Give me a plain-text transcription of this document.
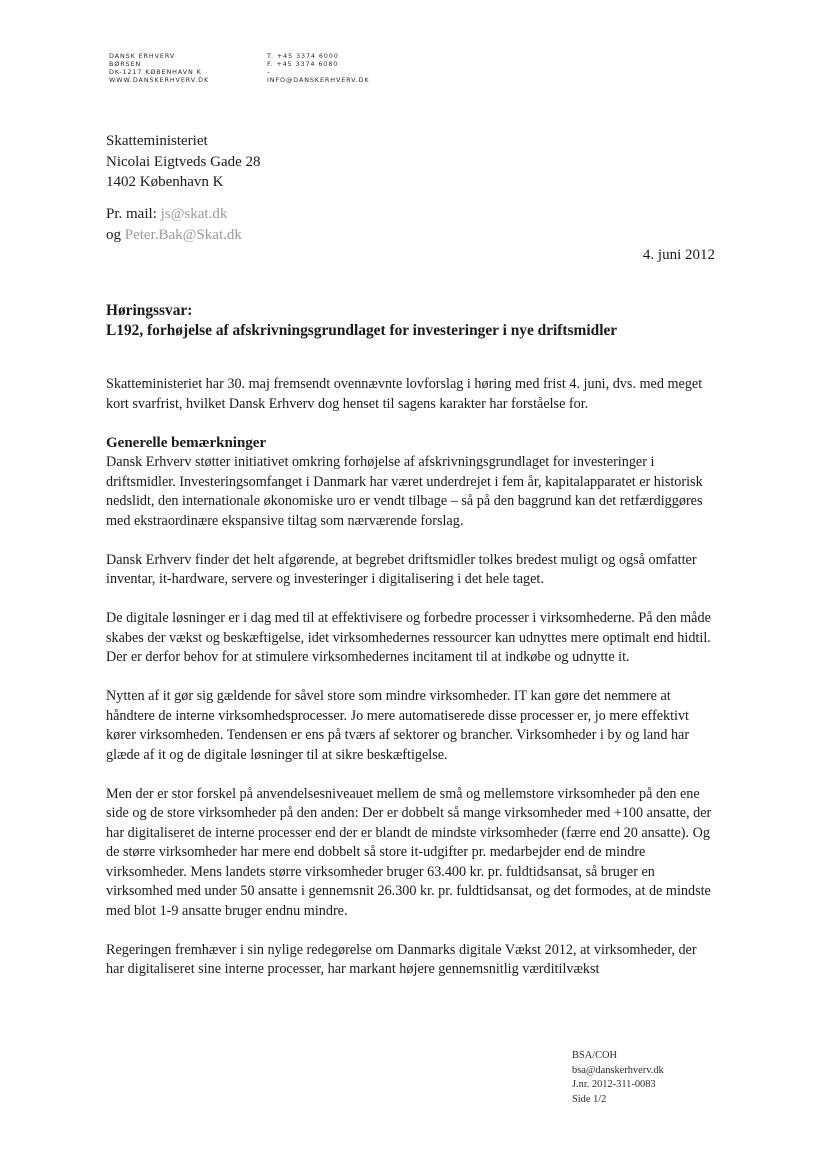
DANSK ERHVERV
BØRSEN
DK-1217 KØBENHAVN K
WWW.DANSKERHVERV.DK
T. +45 3374 6000
F. +45 3374 6080
–
INFO@DANSKERHVERV.DK
Skatteministeriet
Nicolai Eigtveds Gade 28
1402 København K
Pr. mail: js@skat.dk
og Peter.Bak@Skat.dk
4. juni 2012
Høringssvar:
L192, forhøjelse af afskrivningsgrundlaget for investeringer i nye driftsmidler

Skatteministeriet har 30. maj fremsendt ovennævnte lovforslag i høring med frist 4. juni, dvs. med meget kort svarfrist, hvilket Dansk Erhverv dog henset til sagens karakter har forståelse for.

Generelle bemærkninger

Dansk Erhverv støtter initiativet omkring forhøjelse af afskrivningsgrundlaget for investeringer i driftsmidler. Investeringsomfanget i Danmark har været underdrejet i fem år, kapitalapparatet er historisk nedslidt, den internationale økonomiske uro er vendt tilbage – så på den baggrund kan det retfærdiggøres med ekstraordinære ekspansive tiltag som nærværende forslag.

Dansk Erhverv finder det helt afgørende, at begrebet driftsmidler tolkes bredest muligt og også omfatter inventar, it-hardware, servere og investeringer i digitalisering i det hele taget.

De digitale løsninger er i dag med til at effektivisere og forbedre processer i virksomhederne. På den måde skabes der vækst og beskæftigelse, idet virksomhedernes ressourcer kan udnyttes mere optimalt end hidtil. Der er derfor behov for at stimulere virksomhedernes incitament til at indkøbe og udnytte it.

Nytten af it gør sig gældende for såvel store som mindre virksomheder. IT kan gøre det nemmere at håndtere de interne virksomhedsprocesser. Jo mere automatiserede disse processer er, jo mere effektivt kører virksomheden. Tendensen er ens på tværs af sektorer og brancher. Virksomheder i by og land har glæde af it og de digitale løsninger til at sikre beskæftigelse.

Men der er stor forskel på anvendelsesniveauet mellem de små og mellemstore virksomheder på den ene side og de store virksomheder på den anden: Der er dobbelt så mange virksomheder med +100 ansatte, der har digitaliseret de interne processer end der er blandt de mindste virksomheder (færre end 20 ansatte). Og de større virksomheder har mere end dobbelt så store it-udgifter pr. medarbejder end de mindre virksomheder. Mens landets større virksomheder bruger 63.400 kr. pr. fuldtidsansat, så bruger en virksomhed med under 50 ansatte i gennemsnit 26.300 kr. pr. fuldtidsansat, og det formodes, at de mindste med blot 1-9 ansatte bruger endnu mindre.

Regeringen fremhæver i sin nylige redegørelse om Danmarks digitale Vækst 2012, at virksomheder, der har digitaliseret sine interne processer, har markant højere gennemsnitlig værditilvækst

BSA/COH
bsa@danskerhverv.dk
J.nr. 2012-311-0083
Side 1/2
